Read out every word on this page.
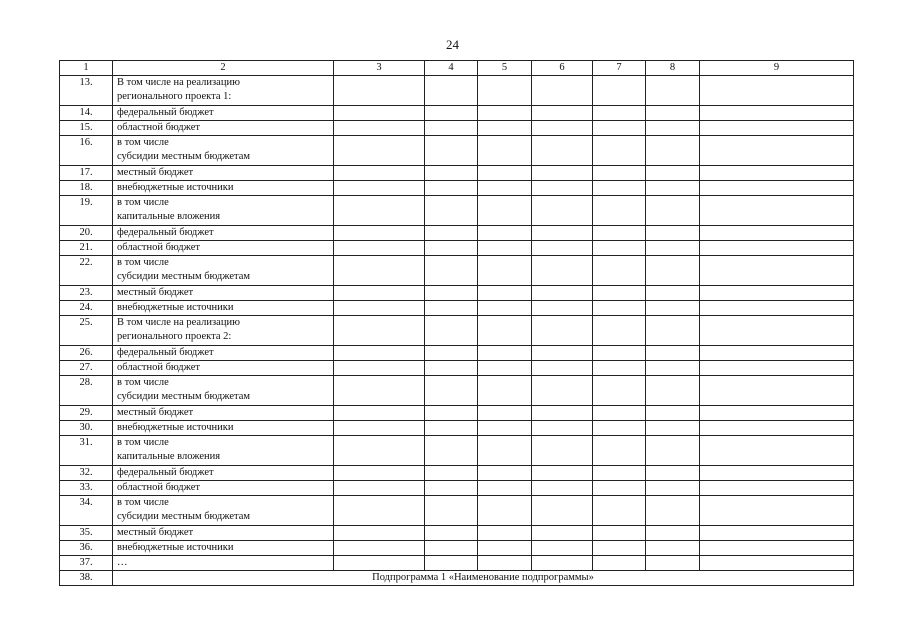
24
1	2	3	4	5	6	7	8	9
13.	В том числе на реализацию
регионального проекта 1:							
14.	федеральный бюджет							
15.	областной бюджет							
16.	в том числе
субсидии местным бюджетам							
17.	местный бюджет							
18.	внебюджетные источники							
19.	в том числе
капитальные вложения							
20.	федеральный бюджет							
21.	областной бюджет							
22.	в том числе
субсидии местным бюджетам							
23.	местный бюджет							
24.	внебюджетные источники							
25.	В том числе на реализацию
регионального проекта 2:							
26.	федеральный бюджет							
27.	областной бюджет							
28.	в том числе
субсидии местным бюджетам							
29.	местный бюджет							
30.	внебюджетные источники							
31.	в том числе
капитальные вложения							
32.	федеральный бюджет							
33.	областной бюджет							
34.	в том числе
субсидии местным бюджетам							
35.	местный бюджет							
36.	внебюджетные источники							
37.	…							
38.	Подпрограмма 1 «Наименование подпрограммы»							
